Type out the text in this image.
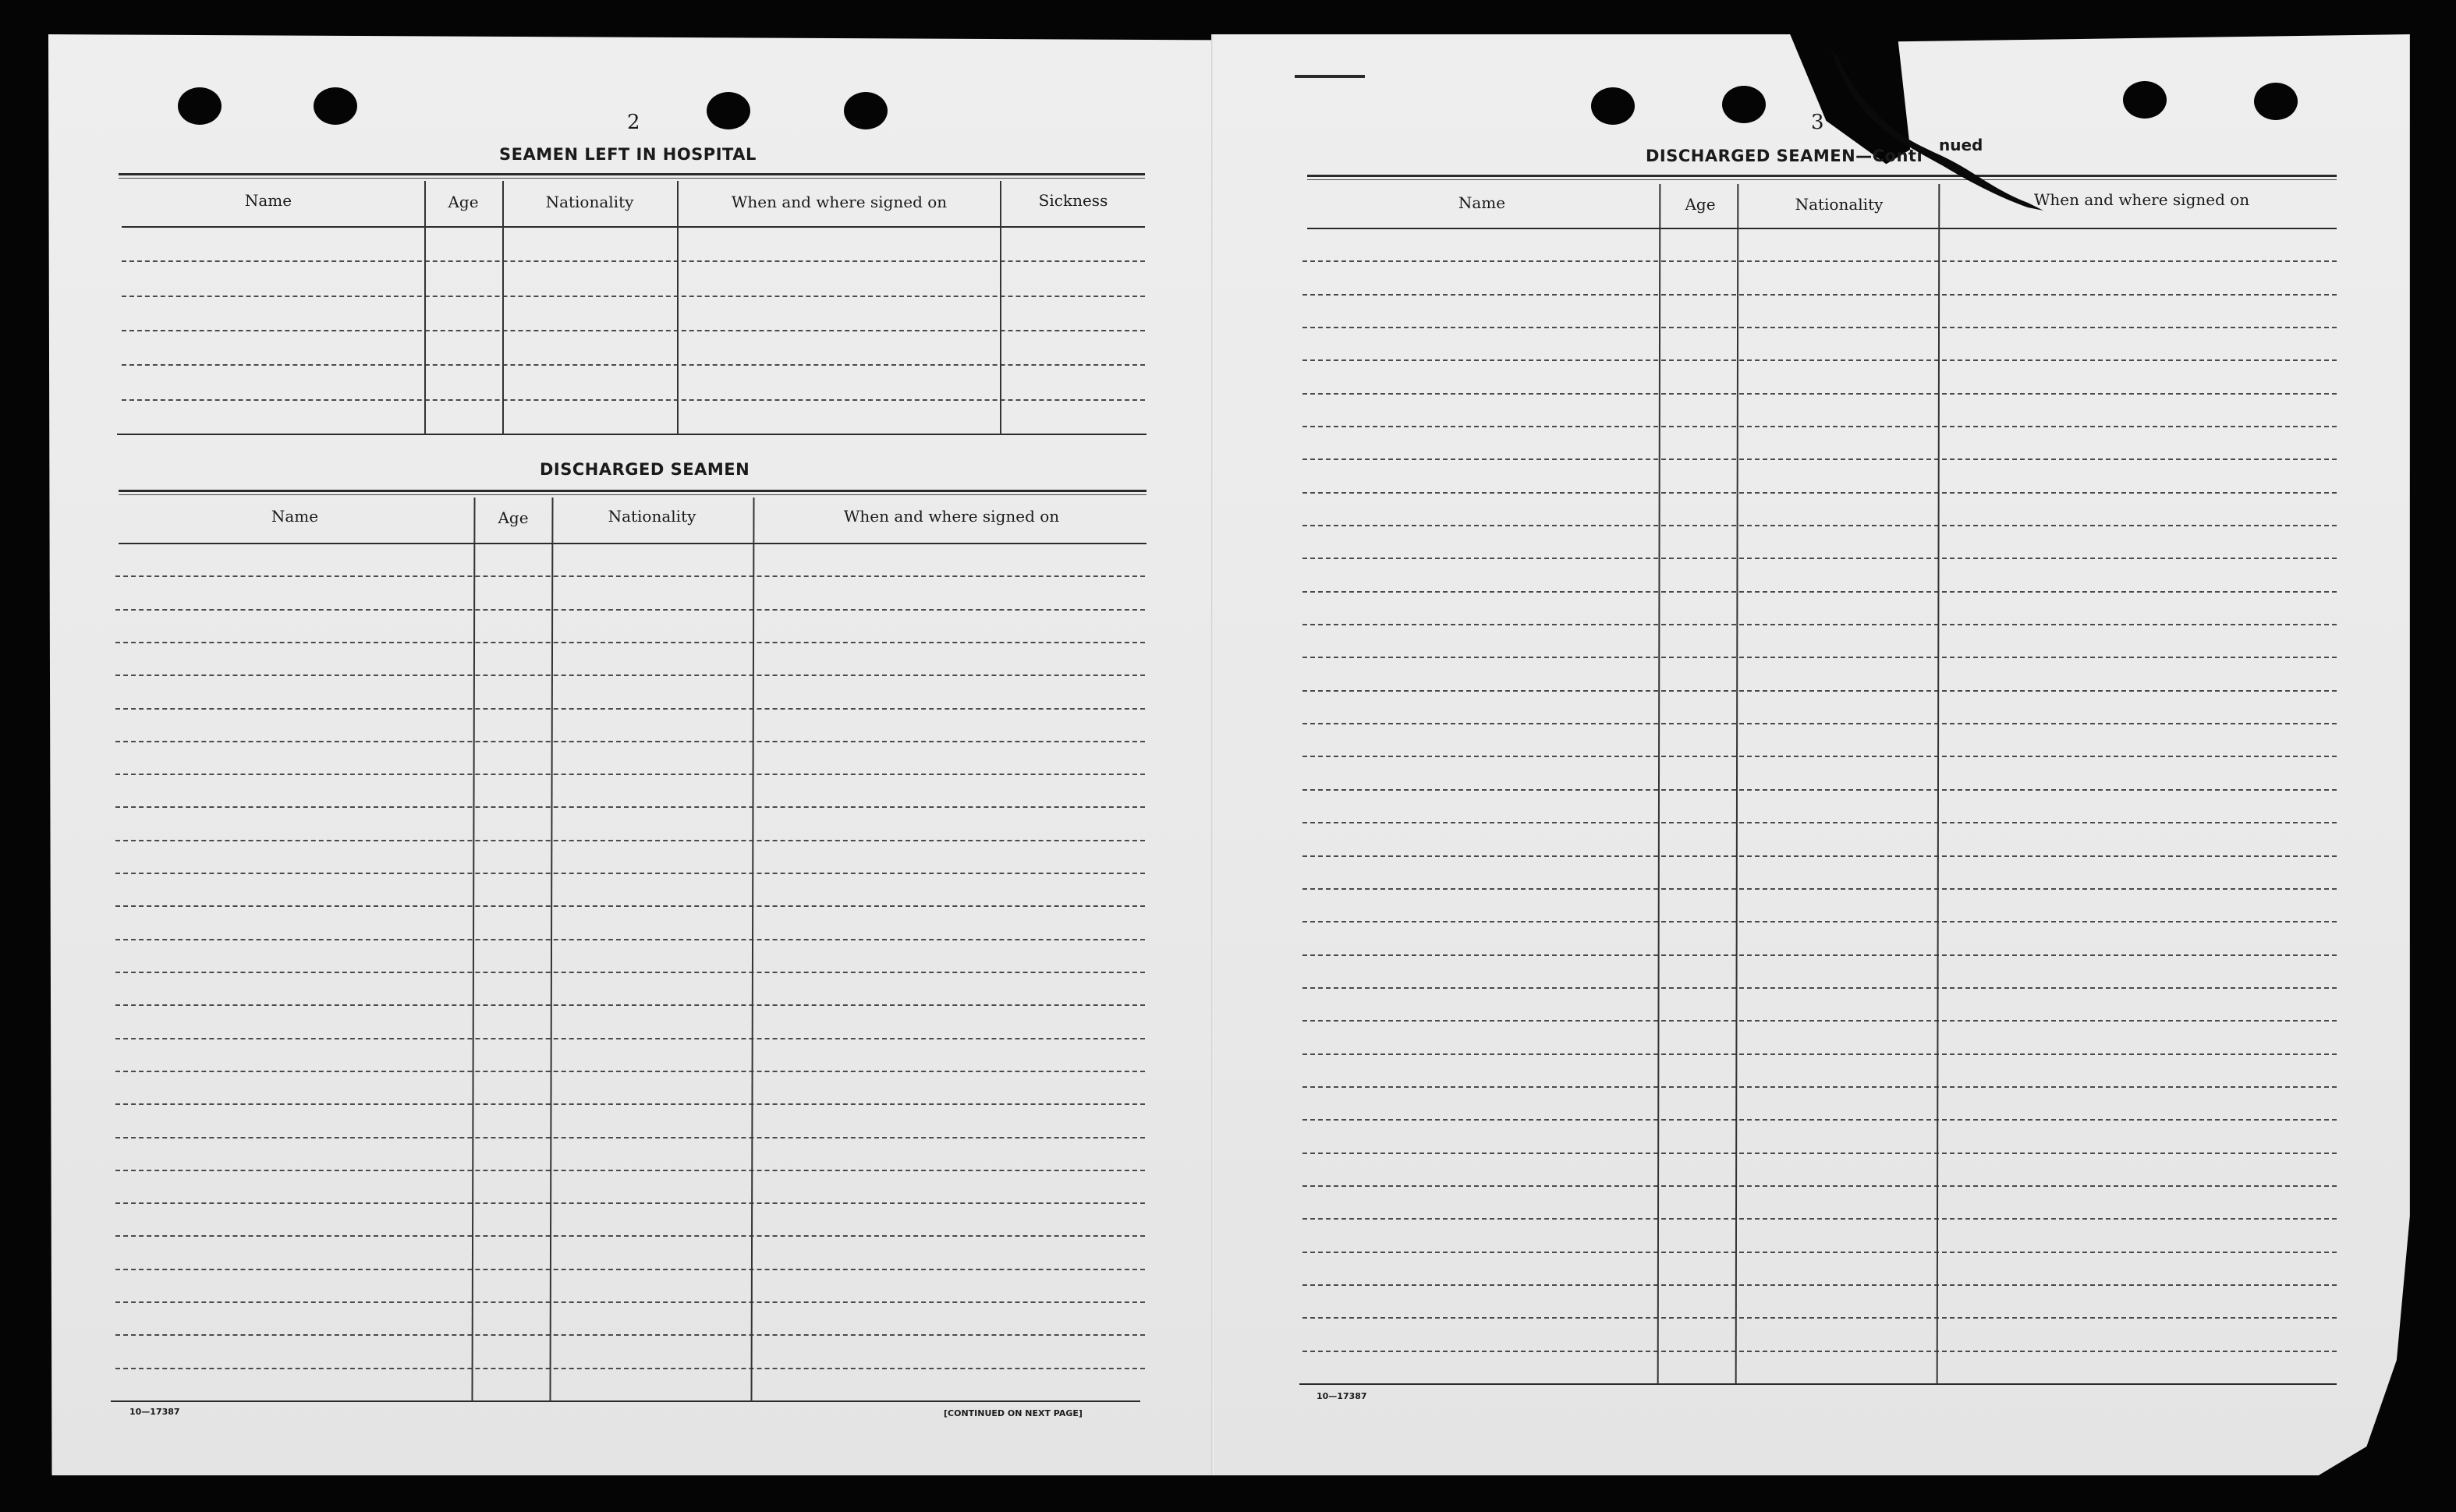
2
SEAMEN LEFT IN HOSPITAL
Name	Age	Nationality	When and where signed on	Sickness
DISCHARGED SEAMEN
Name	Age	Nationality	When and where signed on
10—17387	[CONTINUED ON NEXT PAGE]
3
DISCHARGED SEAMEN—Conti
nued
Name	Age	Nationality	When and where signed on
10—17387
